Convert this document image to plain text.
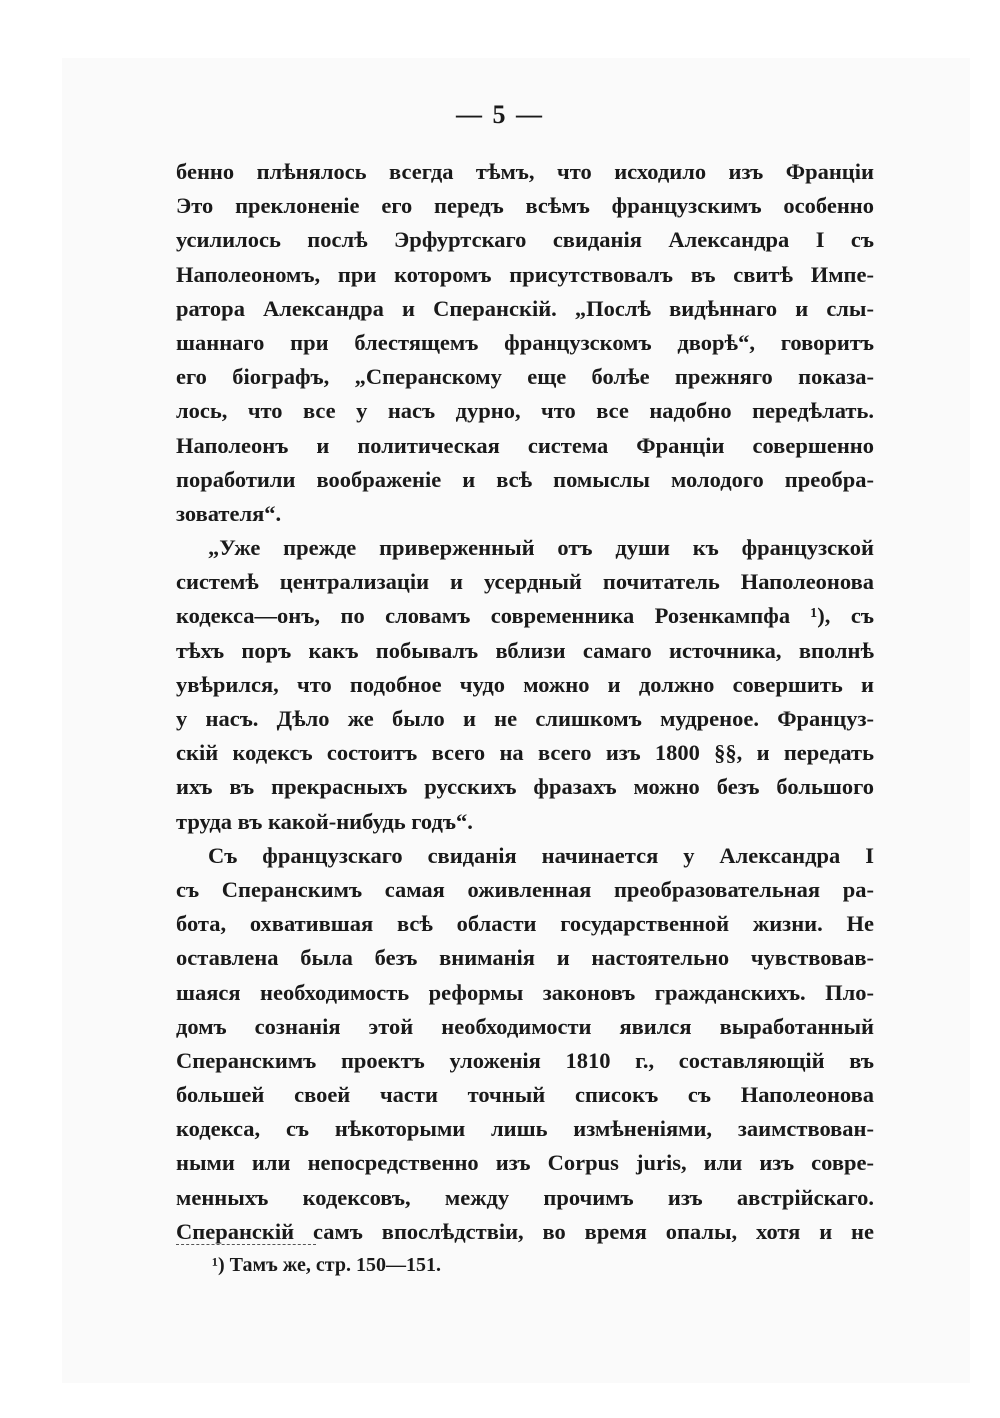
— 5 —
бенно плѣнялось всегда тѣмъ, что исходило изъ Франціи
Это преклоненіе его передъ всѣмъ французскимъ особенно
усилилось послѣ Эрфуртскаго свиданія Александра I съ
Наполеономъ, при которомъ присутствовалъ въ свитѣ Импе-
ратора Александра и Сперанскій. „Послѣ видѣннаго и слы-
шаннаго при блестящемъ французскомъ дворѣ“, говоритъ
его біографъ, „Сперанскому еще болѣе прежняго показа-
лось, что все у насъ дурно, что все надобно передѣлать.
Наполеонъ и политическая система Франціи совершенно
поработили воображеніе и всѣ помыслы молодого преобра-
зователя“.
„Уже прежде приверженный отъ души къ французской
системѣ централизаціи и усердный почитатель Наполеонова
кодекса—онъ, по словамъ современника Розенкампфа ¹), съ
тѣхъ поръ какъ побывалъ вблизи самаго источника, вполнѣ
увѣрился, что подобное чудо можно и должно совершить и
у насъ. Дѣло же было и не слишкомъ мудреное. Француз-
скій кодексъ состоитъ всего на всего изъ 1800 §§, и передать
ихъ въ прекрасныхъ русскихъ фразахъ можно безъ большого
труда въ какой-нибудь годъ“.
Съ французскаго свиданія начинается у Александра I
съ Сперанскимъ самая оживленная преобразовательная ра-
бота, охватившая всѣ области государственной жизни. Не
оставлена была безъ вниманія и настоятельно чувствовав-
шаяся необходимость реформы законовъ гражданскихъ. Пло-
домъ сознанія этой необходимости явился выработанный
Сперанскимъ проектъ уложенія 1810 г., составляющій въ
большей своей части точный списокъ съ Наполеонова
кодекса, съ нѣкоторыми лишь измѣненіями, заимствован-
ными или непосредственно изъ Corpus juris, или изъ совре-
менныхъ кодексовъ, между прочимъ изъ австрійскаго.
Сперанскій самъ впослѣдствіи, во время опалы, хотя и не
¹) Тамъ же, стр. 150—151.
